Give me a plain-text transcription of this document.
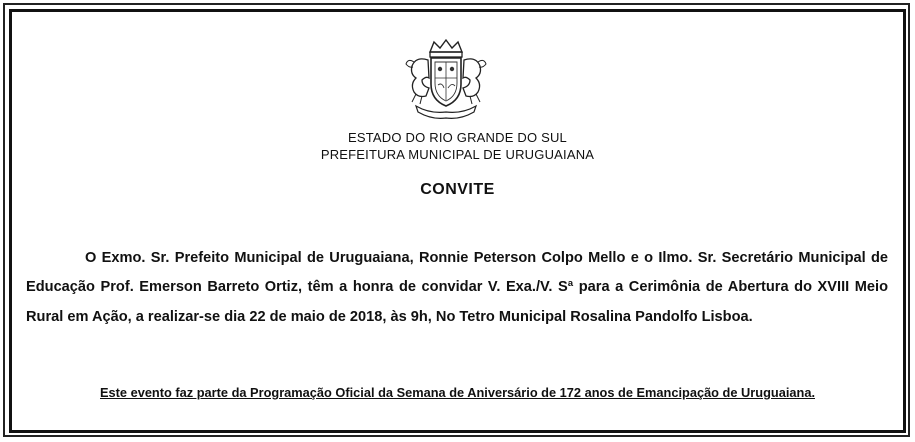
ESTADO DO RIO GRANDE DO SUL
PREFEITURA MUNICIPAL DE URUGUAIANA
CONVITE
O Exmo. Sr. Prefeito Municipal de Uruguaiana, Ronnie Peterson Colpo Mello e o Ilmo. Sr. Secretário Municipal de Educação Prof. Emerson Barreto Ortiz, têm a honra de convidar V. Exa./V. Sª para a Cerimônia de Abertura do XVIII Meio Rural em Ação, a realizar-se dia 22 de maio de 2018, às 9h, No Tetro Municipal Rosalina Pandolfo Lisboa.
Este evento faz parte da Programação Oficial da Semana de Aniversário de 172 anos de Emancipação de Uruguaiana.
